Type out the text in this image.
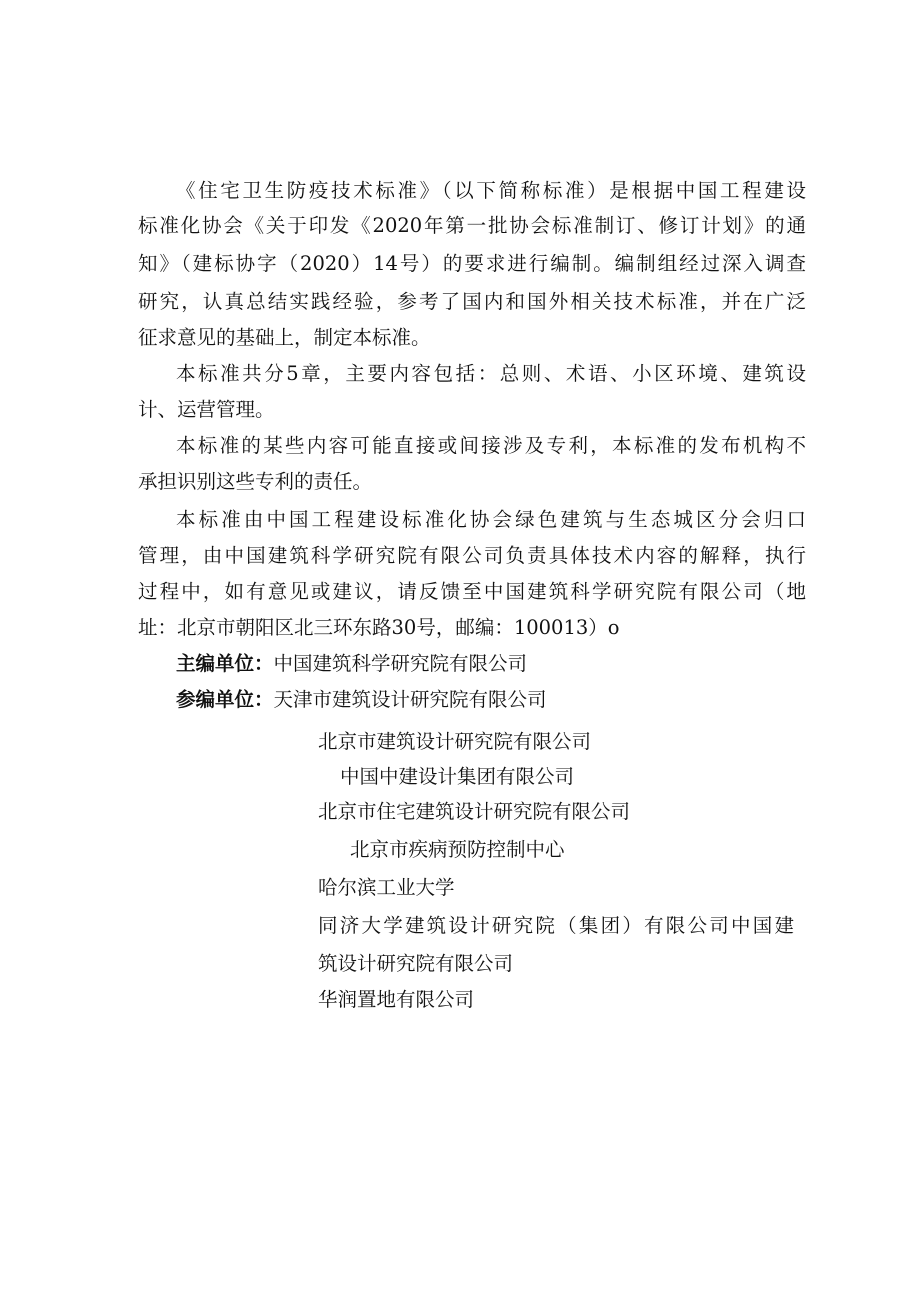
《住宅卫生防疫技术标准》（以下简称标准）是根据中国工程建设
标准化协会《关于印发《2020年第一批协会标准制订、修订计划》的通
知》（建标协字（2020）14号）的要求进行编制。编制组经过深入调查
研究，认真总结实践经验，参考了国内和国外相关技术标准，并在广泛
征求意见的基础上，制定本标准。
本标准共分5章，主要内容包括：总则、术语、小区环境、建筑设
计、运营管理。
本标准的某些内容可能直接或间接涉及专利，本标准的发布机构不
承担识别这些专利的责任。
本标准由中国工程建设标准化协会绿色建筑与生态城区分会归口
管理，由中国建筑科学研究院有限公司负责具体技术内容的解释，执行
过程中，如有意见或建议，请反馈至中国建筑科学研究院有限公司（地
址：北京市朝阳区北三环东路30号，邮编：100013）o
主编单位：中国建筑科学研究院有限公司
参编单位：天津市建筑设计研究院有限公司
北京市建筑设计研究院有限公司
中国中建设计集团有限公司
北京市住宅建筑设计研究院有限公司
北京市疾病预防控制中心
哈尔滨工业大学
同济大学建筑设计研究院（集团）有限公司中国建
筑设计研究院有限公司
华润置地有限公司
